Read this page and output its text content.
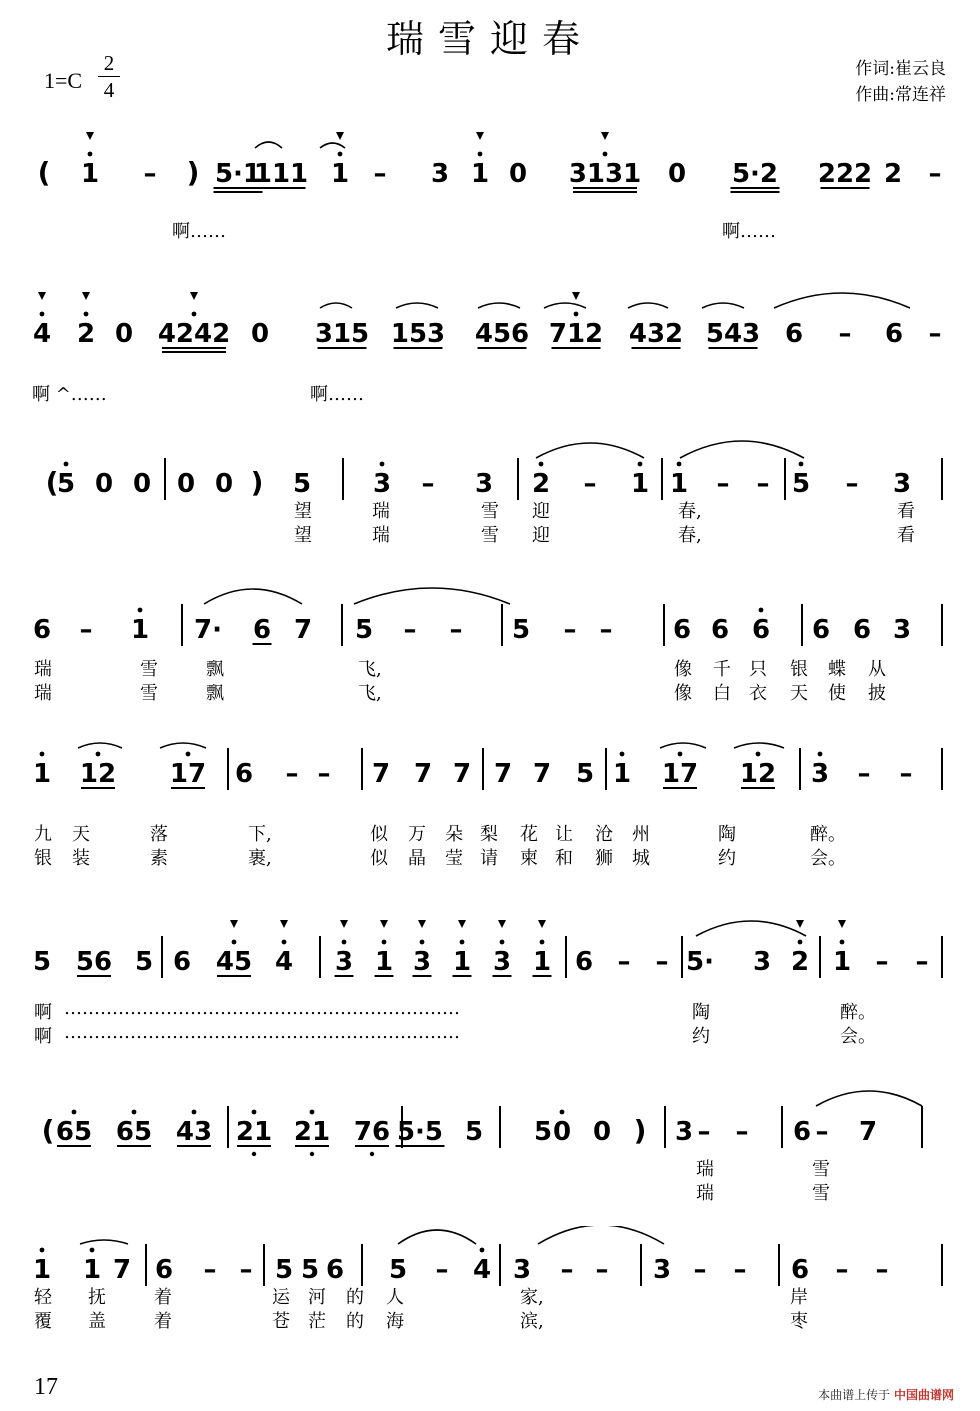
瑞雪迎春
1=C
2
4
作词:崔云良
作曲:常连祥
( 1 – ) 5·1
111 1 – 3 1 0 3131 0 5·2 222 2 –
啊……	啊……
4 2 0 4242 0 315 153 456 712 432 543 6 – 6 –
啊 ^……	啊……
(
5 0 0 0 0 ) 5 3 – 3 2 – 1 1 – – 5 – 3
望	瑞	雪 迎	春,	看
望	瑞	雪 迎	春,	看
6 – 1 7· 6 7 5 – – 5 – – 6 6 6 6 6 3
瑞	雪	飘	飞,	像 千 只 银 蝶 从
瑞	雪	飘	飞,	像 白 衣 天 使 披
1 12 17 6 – – 7 7 7 7 7 5 1 17 12 3 – –
九 天	落	下,	似 万 朵 梨 花 让 沧 州	陶	醉。
银 装	素	裹,	似 晶 莹 请 柬 和 狮 城	约	会。
5 56 5 6 45 4 3 1 3 1 3 1 6 – – 5· 3 2 1 – –
啊 …………………………………………………………	陶	醉。
啊 …………………………………………………………	约	会。
( 65 65 43 21 21 76 5·5 5 5 0 0 ) 3 – – 6 – 7
瑞	雪
瑞	雪
1 1 7 6 – – 5 5 6 5 – 4 3 – – 3 – – 6 – –
轻 抚	着	运 河 的 人	家,	岸
覆 盖	着	苍 茫 的 海	滨,	枣
17	本曲谱上传于 中国曲谱网
